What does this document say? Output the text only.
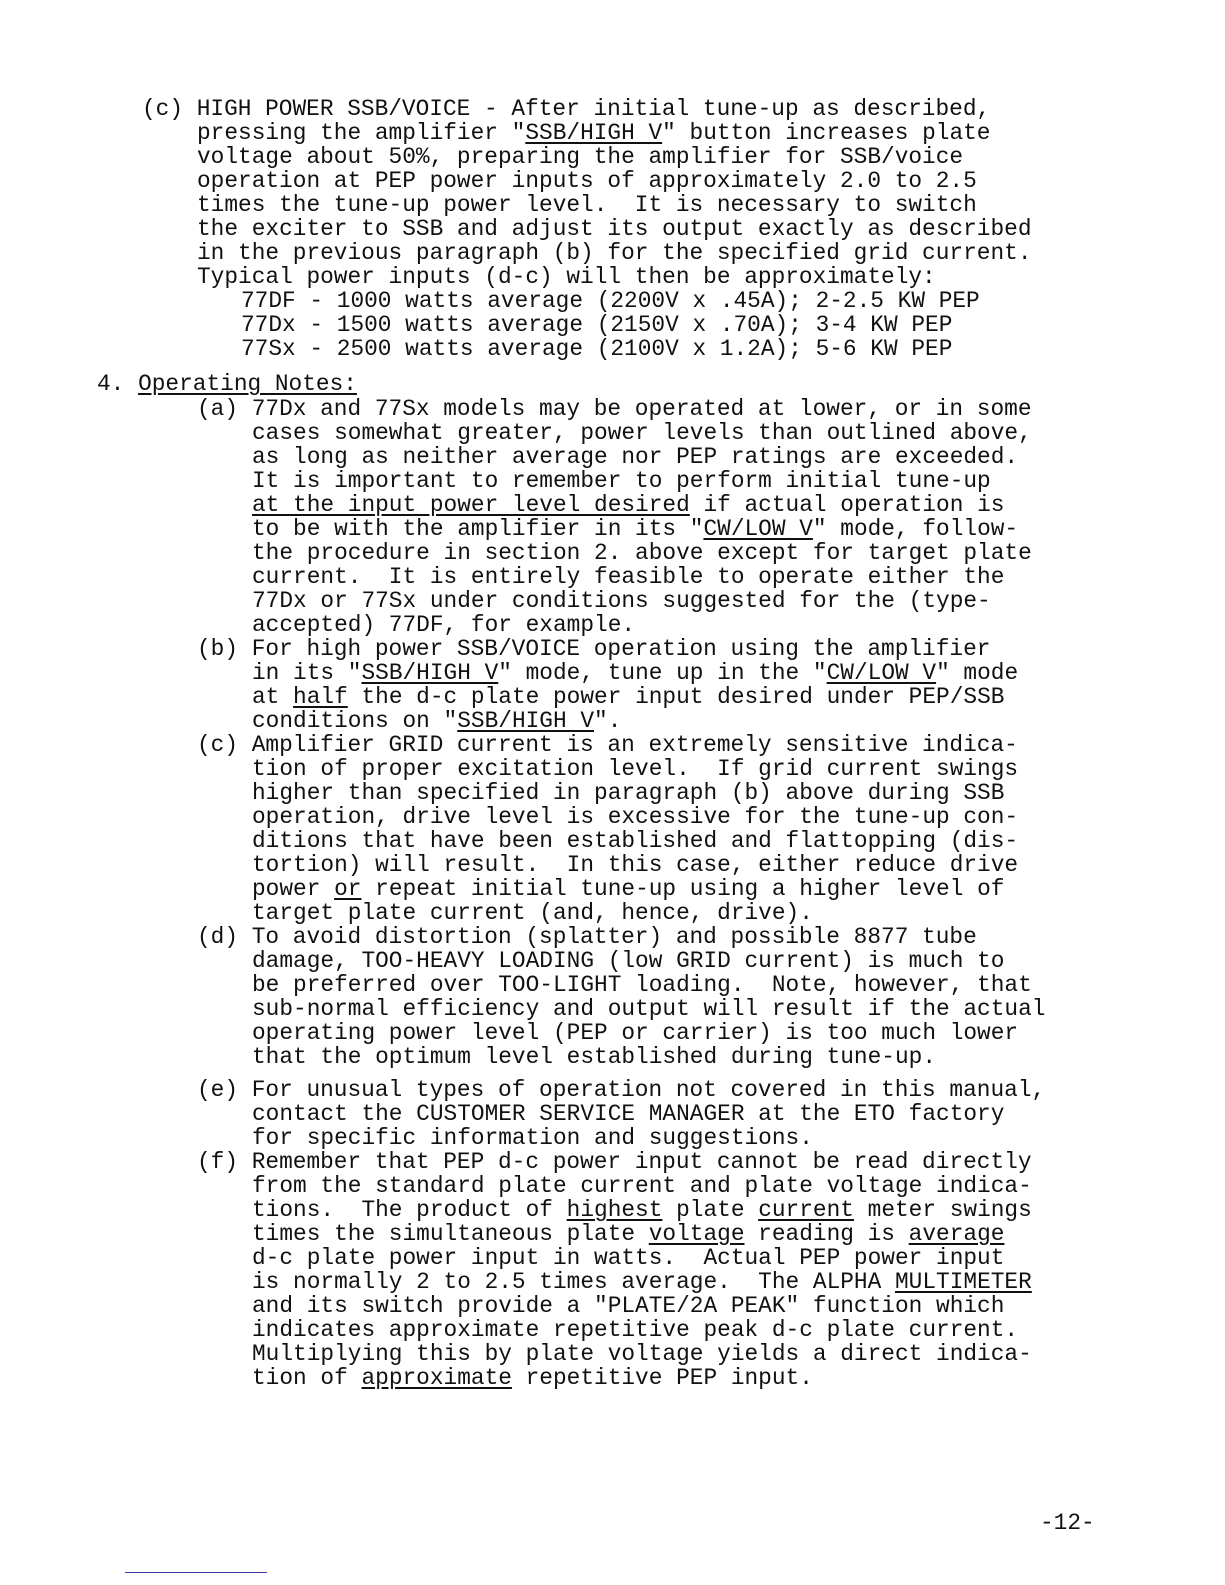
(c) HIGH POWER SSB/VOICE - After initial tune-up as described,
pressing the amplifier "SSB/HIGH V" button increases plate
voltage about 50%, preparing the amplifier for SSB/voice
operation at PEP power inputs of approximately 2.0 to 2.5
times the tune-up power level.  It is necessary to switch
the exciter to SSB and adjust its output exactly as described
in the previous paragraph (b) for the specified grid current.
Typical power inputs (d-c) will then be approximately:
77DF - 1000 watts average (2200V x .45A); 2-2.5 KW PEP
77Dx - 1500 watts average (2150V x .70A); 3-4 KW PEP
77Sx - 2500 watts average (2100V x 1.2A); 5-6 KW PEP
4. Operating Notes:
(a) 77Dx and 77Sx models may be operated at lower, or in some
cases somewhat greater, power levels than outlined above,
as long as neither average nor PEP ratings are exceeded.
It is important to remember to perform initial tune-up
at the input power level desired if actual operation is
to be with the amplifier in its "CW/LOW V" mode, follow-
the procedure in section 2. above except for target plate
current.  It is entirely feasible to operate either the
77Dx or 77Sx under conditions suggested for the (type-
accepted) 77DF, for example.
(b) For high power SSB/VOICE operation using the amplifier
in its "SSB/HIGH V" mode, tune up in the "CW/LOW V" mode
at half the d-c plate power input desired under PEP/SSB
conditions on "SSB/HIGH V".
(c) Amplifier GRID current is an extremely sensitive indica-
tion of proper excitation level.  If grid current swings
higher than specified in paragraph (b) above during SSB
operation, drive level is excessive for the tune-up con-
ditions that have been established and flattopping (dis-
tortion) will result.  In this case, either reduce drive
power or repeat initial tune-up using a higher level of
target plate current (and, hence, drive).
(d) To avoid distortion (splatter) and possible 8877 tube
damage, TOO-HEAVY LOADING (low GRID current) is much to
be preferred over TOO-LIGHT loading.  Note, however, that
sub-normal efficiency and output will result if the actual
operating power level (PEP or carrier) is too much lower
that the optimum level established during tune-up.
(e) For unusual types of operation not covered in this manual,
contact the CUSTOMER SERVICE MANAGER at the ETO factory
for specific information and suggestions.
(f) Remember that PEP d-c power input cannot be read directly
from the standard plate current and plate voltage indica-
tions.  The product of highest plate current meter swings
times the simultaneous plate voltage reading is average
d-c plate power input in watts.  Actual PEP power input
is normally 2 to 2.5 times average.  The ALPHA MULTIMETER
and its switch provide a "PLATE/2A PEAK" function which
indicates approximate repetitive peak d-c plate current.
Multiplying this by plate voltage yields a direct indica-
tion of approximate repetitive PEP input.
-12-
